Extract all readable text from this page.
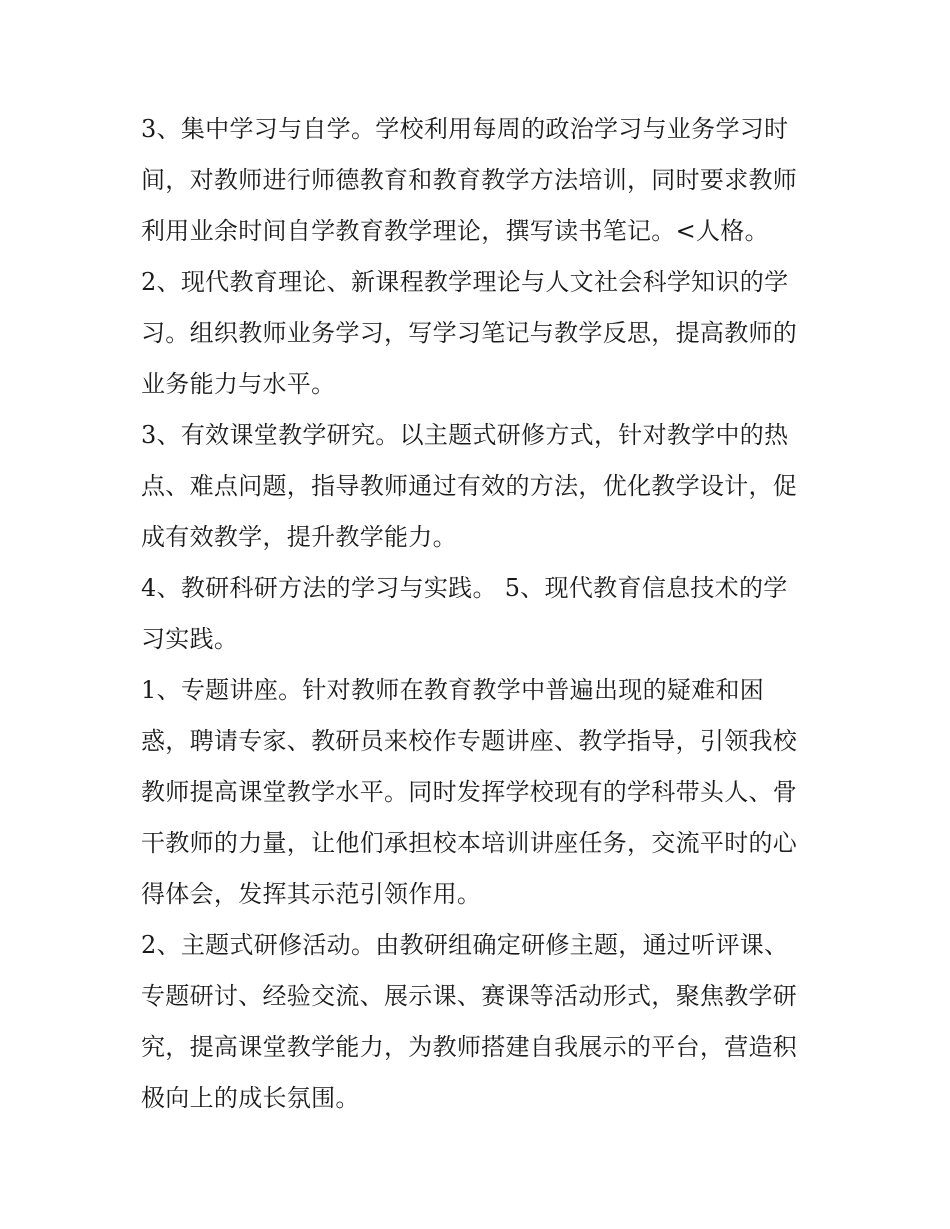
3、集中学习与自学。学校利用每周的政治学习与业务学习时
间，对教师进行师德教育和教育教学方法培训，同时要求教师
利用业余时间自学教育教学理论，撰写读书笔记。<人格。

2、现代教育理论、新课程教学理论与人文社会科学知识的学
习。组织教师业务学习，写学习笔记与教学反思，提高教师的
业务能力与水平。

3、有效课堂教学研究。以主题式研修方式，针对教学中的热
点、难点问题，指导教师通过有效的方法，优化教学设计，促
成有效教学，提升教学能力。

4、教研科研方法的学习与实践。 5、现代教育信息技术的学
习实践。

1、专题讲座。针对教师在教育教学中普遍出现的疑难和困
惑，聘请专家、教研员来校作专题讲座、教学指导，引领我校
教师提高课堂教学水平。同时发挥学校现有的学科带头人、骨
干教师的力量，让他们承担校本培训讲座任务，交流平时的心
得体会，发挥其示范引领作用。

2、主题式研修活动。由教研组确定研修主题，通过听评课、
专题研讨、经验交流、展示课、赛课等活动形式，聚焦教学研
究，提高课堂教学能力，为教师搭建自我展示的平台，营造积
极向上的成长氛围。
